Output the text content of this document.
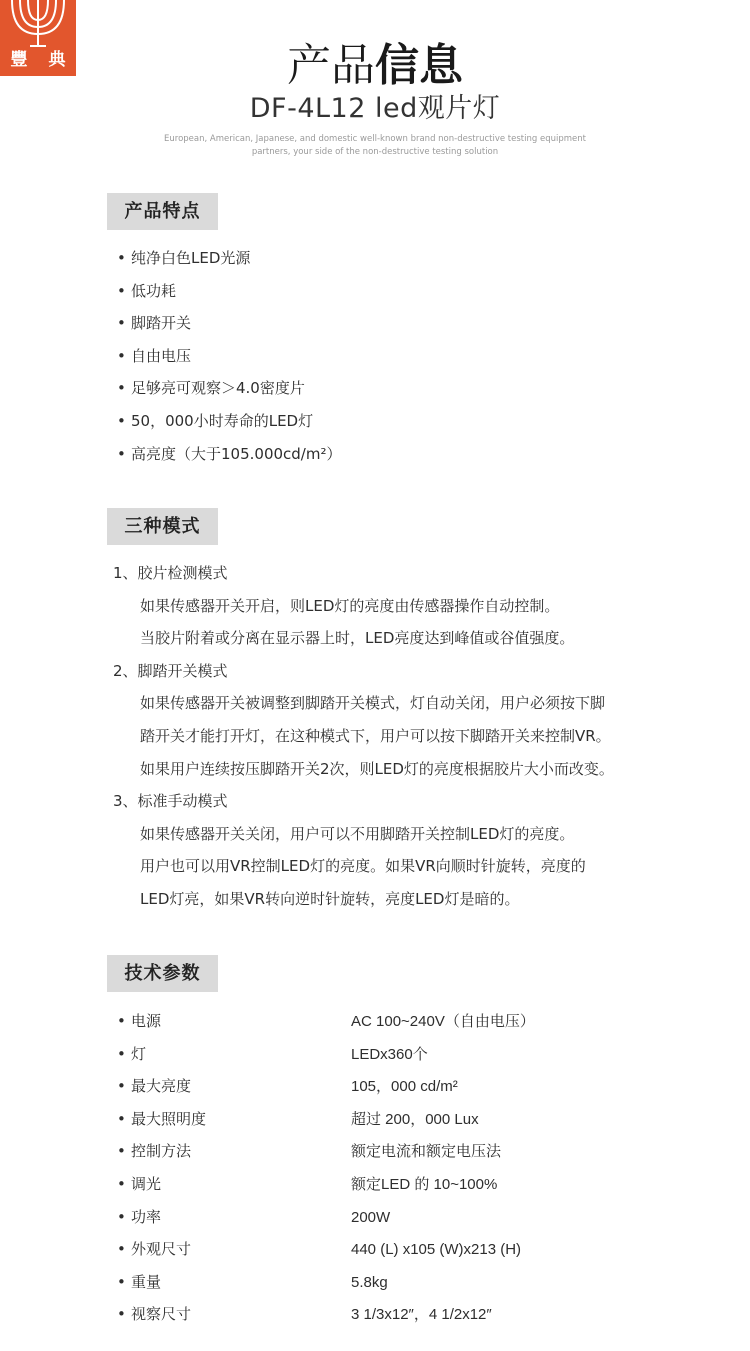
豐 典	产品信息
DF-4L12 led观片灯
European, American, Japanese, and domestic well-known brand non-destructive testing equipment
partners, your side of the non-destructive testing solution
产品特点
• 纯净白色LED光源
• 低功耗
• 脚踏开关
• 自由电压
• 足够亮可观察＞4.0密度片
• 50，000小时寿命的LED灯
• 高亮度（大于105.000cd/m²）
三种模式
1、胶片检测模式
如果传感器开关开启，则LED灯的亮度由传感器操作自动控制。
当胶片附着或分离在显示器上时，LED亮度达到峰值或谷值强度。
2、脚踏开关模式
如果传感器开关被调整到脚踏开关模式，灯自动关闭，用户必须按下脚
踏开关才能打开灯，在这种模式下，用户可以按下脚踏开关来控制VR。
如果用户连续按压脚踏开关2次，则LED灯的亮度根据胶片大小而改变。
3、标准手动模式
如果传感器开关关闭，用户可以不用脚踏开关控制LED灯的亮度。
用户也可以用VR控制LED灯的亮度。如果VR向顺时针旋转，亮度的
LED灯亮，如果VR转向逆时针旋转，亮度LED灯是暗的。
技术参数
• 电源	AC 100~240V（自由电压）
• 灯	LEDx360个
• 最大亮度	105，000 cd/m²
• 最大照明度	超过 200，000 Lux
• 控制方法	额定电流和额定电压法
• 调光	额定LED 的 10~100%
• 功率	200W
• 外观尺寸	440 (L) x105 (W)x213 (H)
• 重量	5.8kg
• 视察尺寸	3 1/3x12″，4 1/2x12″
